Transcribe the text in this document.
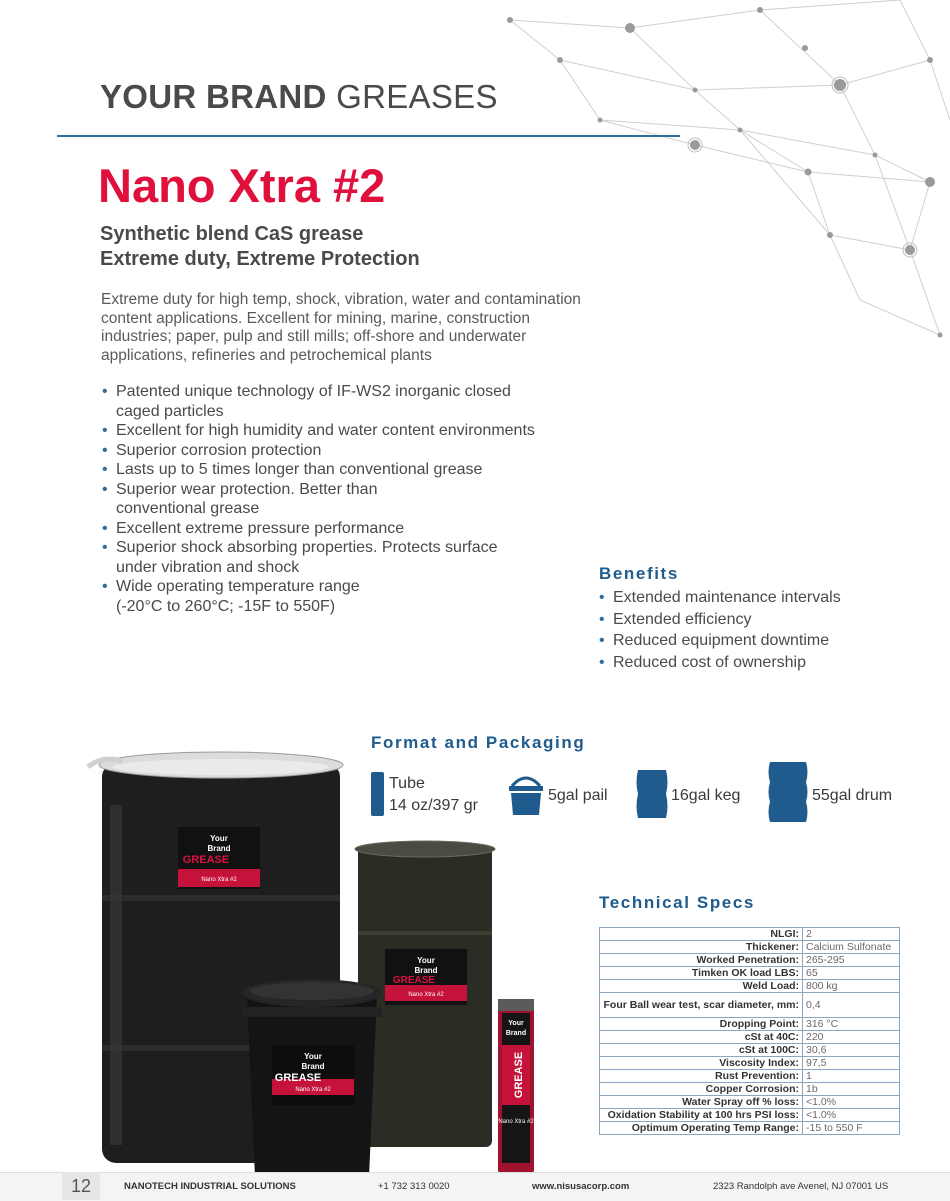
YOUR BRAND GREASES
Nano Xtra #2
Synthetic blend CaS grease
Extreme duty, Extreme Protection
Extreme duty for high temp, shock, vibration, water and contamination
content applications. Excellent for mining, marine, construction
industries; paper, pulp and still mills; off-shore and underwater
applications, refineries and petrochemical plants
• Patented unique technology of IF-WS2 inorganic closed
caged particles
• Excellent for high humidity and water content environments
• Superior corrosion protection
• Lasts up to 5 times longer than conventional grease
• Superior wear protection. Better than
conventional grease
• Excellent extreme pressure performance
• Superior shock absorbing properties. Protects surface
under vibration and shock
• Wide operating temperature range
(-20°C to 260°C; -15F to 550F)
Benefits
• Extended maintenance intervals
• Extended efficiency
• Reduced equipment downtime
• Reduced cost of ownership
Format and Packaging
Tube
14 oz/397 gr
5gal pail	16gal keg	55gal drum
Your
Brand
GREASE
Nano Xtra #2
Your
Brand
GREASE
Nano Xtra #2
Your
Brand
GREASE
Nano Xtra #2
Your
Brand
GREASE
Nano Xtra #2
Technical Specs
NLGI:	2
Thickener:	Calcium Sulfonate
Worked Penetration:	265-295
Timken OK load LBS:	65
Weld Load:	800 kg
Four Ball wear test, scar diameter, mm:	0,4
Dropping Point:	316 °C
cSt at 40C:	220
cSt at 100C:	30,6
Viscosity Index:	97,5
Rust Prevention:	1
Copper Corrosion:	1b
Water Spray off % loss:	<1.0%
Oxidation Stability at 100 hrs PSI loss:	<1.0%
Optimum Operating Temp Range:	-15 to 550 F
12	NANOTECH INDUSTRIAL SOLUTIONS	+1 732 313 0020	www.nisusacorp.com	2323 Randolph ave Avenel, NJ 07001 US
